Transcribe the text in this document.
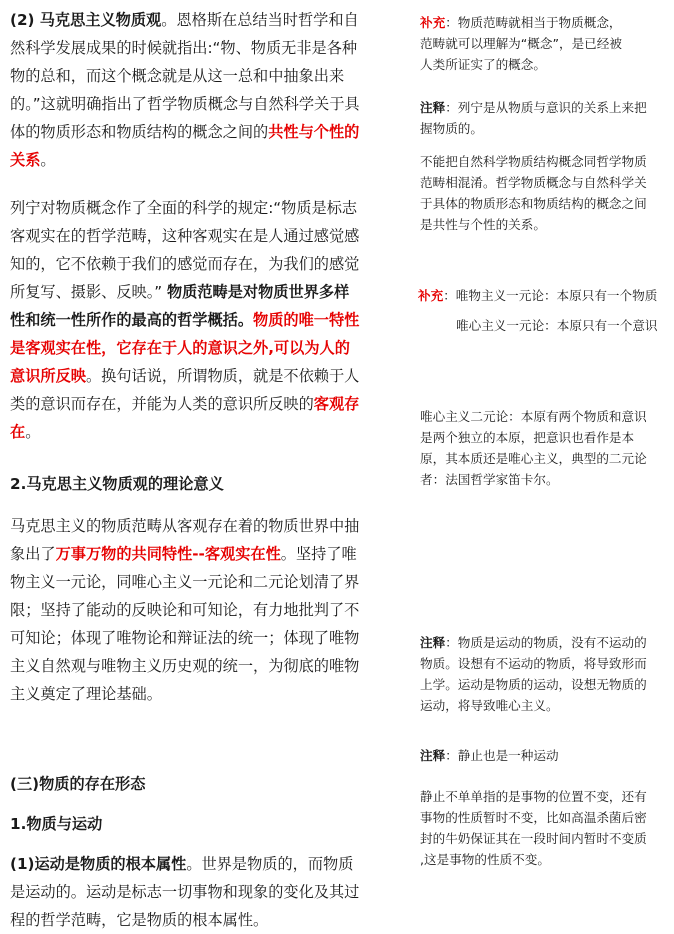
(2) 马克思主义物质观。恩格斯在总结当时哲学和自然科学发展成果的时候就指出:“物、物质无非是各种物的总和，而这个概念就是从这一总和中抽象出来的。”这就明确指出了哲学物质概念与自然科学关于具体的物质形态和物质结构的概念之间的共性与个性的关系。

列宁对物质概念作了全面的科学的规定:“物质是标志客观实在的哲学范畴，这种客观实在是人通过感觉感知的，它不依赖于我们的感觉而存在，为我们的感觉所复写、摄影、反映。” 物质范畴是对物质世界多样性和统一性所作的最高的哲学概括。物质的唯一特性是客观实在性，它存在于人的意识之外,可以为人的意识所反映。换句话说，所谓物质，就是不依赖于人类的意识而存在，并能为人类的意识所反映的客观存在。

2.马克思主义物质观的理论意义

马克思主义的物质范畴从客观存在着的物质世界中抽象出了万事万物的共同特性--客观实在性。坚持了唯物主义一元论，同唯心主义一元论和二元论划清了界限；坚持了能动的反映论和可知论，有力地批判了不可知论；体现了唯物论和辩证法的统一；体现了唯物主义自然观与唯物主义历史观的统一，为彻底的唯物主义奠定了理论基础。

(三)物质的存在形态
1.物质与运动

(1)运动是物质的根本属性。世界是物质的，而物质是运动的。运动是标志一切事物和现象的变化及其过程的哲学范畴，它是物质的根本属性。

补充：物质范畴就相当于物质概念，范畴就可以理解为“概念”，是已经被人类所证实了的概念。

注释：列宁是从物质与意识的关系上来把握物质的。

不能把自然科学物质结构概念同哲学物质范畴相混淆。哲学物质概念与自然科学关于具体的物质形态和物质结构的概念之间是共性与个性的关系。

补充：唯物主义一元论：本原只有一个物质

唯心主义一元论：本原只有一个意识

唯心主义二元论：本原有两个物质和意识是两个独立的本原，把意识也看作是本原，其本质还是唯心主义，典型的二元论者：法国哲学家笛卡尔。

注释：物质是运动的物质，没有不运动的物质。设想有不运动的物质，将导致形而上学。运动是物质的运动，设想无物质的运动，将导致唯心主义。

注释：静止也是一种运动

静止不单单指的是事物的位置不变，还有事物的性质暂时不变，比如高温杀菌后密封的牛奶保证其在一段时间内暂时不变质 ,这是事物的性质不变。
